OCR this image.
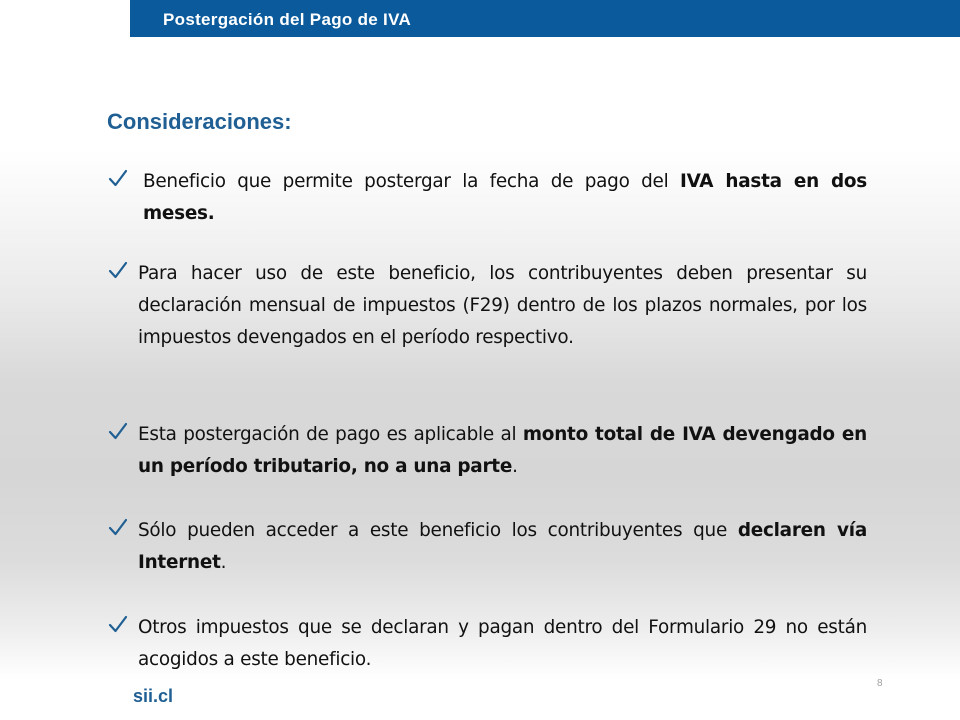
Postergación del Pago de IVA
Consideraciones:
Beneficio que permite postergar la fecha de pago del IVA hasta en dos meses.
Para hacer uso de este beneficio, los contribuyentes deben presentar su declaración mensual de impuestos (F29) dentro de los plazos normales, por los impuestos devengados en el período respectivo.
Esta postergación de pago es aplicable al monto total de IVA devengado en un período tributario, no a una parte.
Sólo pueden acceder a este beneficio los contribuyentes que declaren vía Internet.
Otros impuestos que se declaran y pagan dentro del Formulario 29 no están acogidos a este beneficio.
sii.cl
8
